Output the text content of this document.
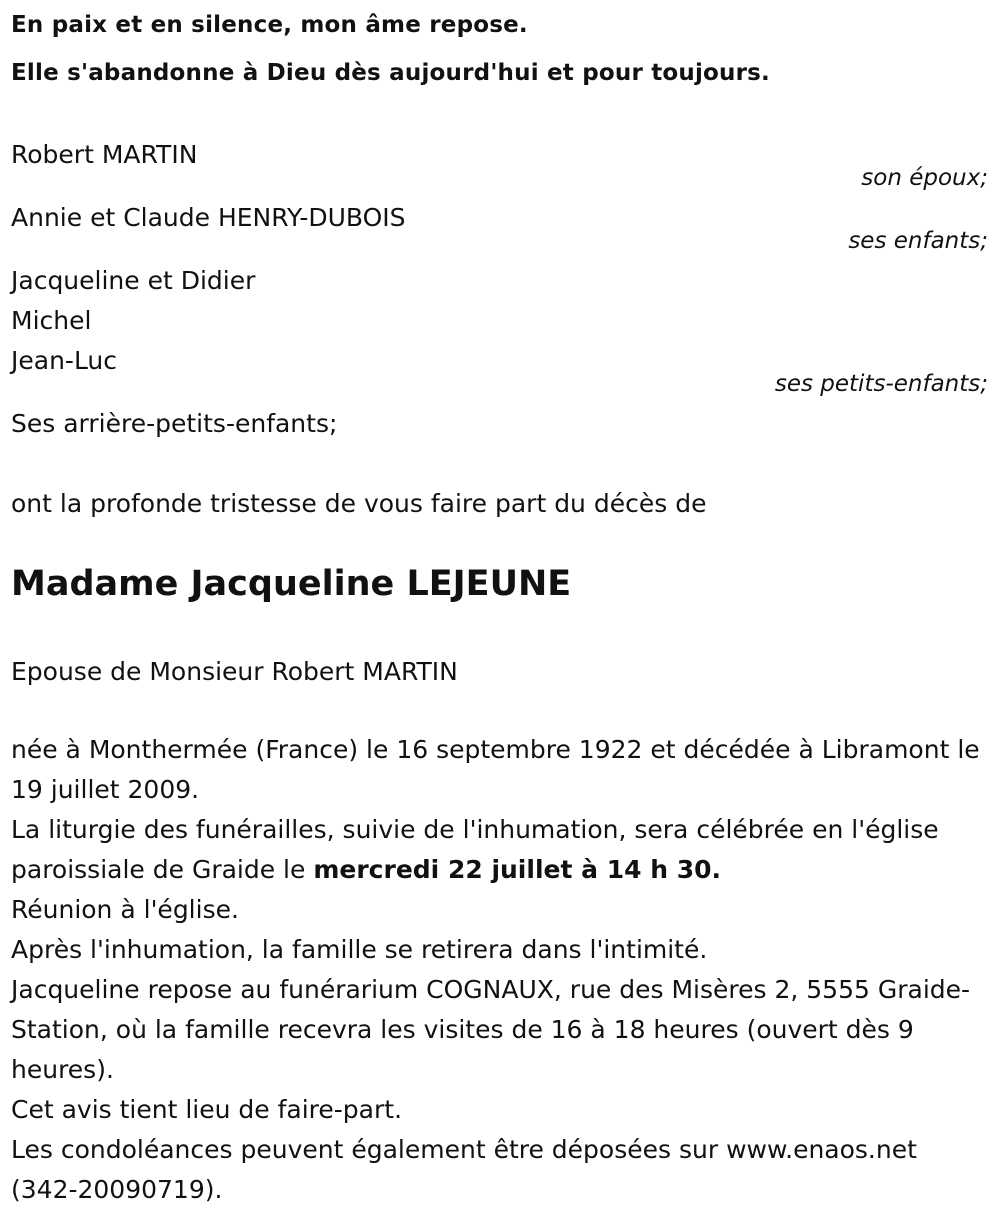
En paix et en silence, mon âme repose.
Elle s'abandonne à Dieu dès aujourd'hui et pour toujours.
Robert MARTIN
son époux;
Annie et Claude HENRY-DUBOIS
ses enfants;
Jacqueline et Didier
Michel
Jean-Luc
ses petits-enfants;
Ses arrière-petits-enfants;
ont la profonde tristesse de vous faire part du décès de
Madame Jacqueline LEJEUNE
Epouse de Monsieur Robert MARTIN

née à Monthermée (France) le 16 septembre 1922 et décédée à Libramont le 19 juillet 2009.

La liturgie des funérailles, suivie de l'inhumation, sera célébrée en l'église paroissiale de Graide le mercredi 22 juillet à 14 h 30.

Réunion à l'église.

Après l'inhumation, la famille se retirera dans l'intimité.

Jacqueline repose au funérarium COGNAUX, rue des Misères 2, 5555 Graide-Station, où la famille recevra les visites de 16 à 18 heures (ouvert dès 9 heures).

Cet avis tient lieu de faire-part.

Les condoléances peuvent également être déposées sur www.enaos.net (342-20090719).
